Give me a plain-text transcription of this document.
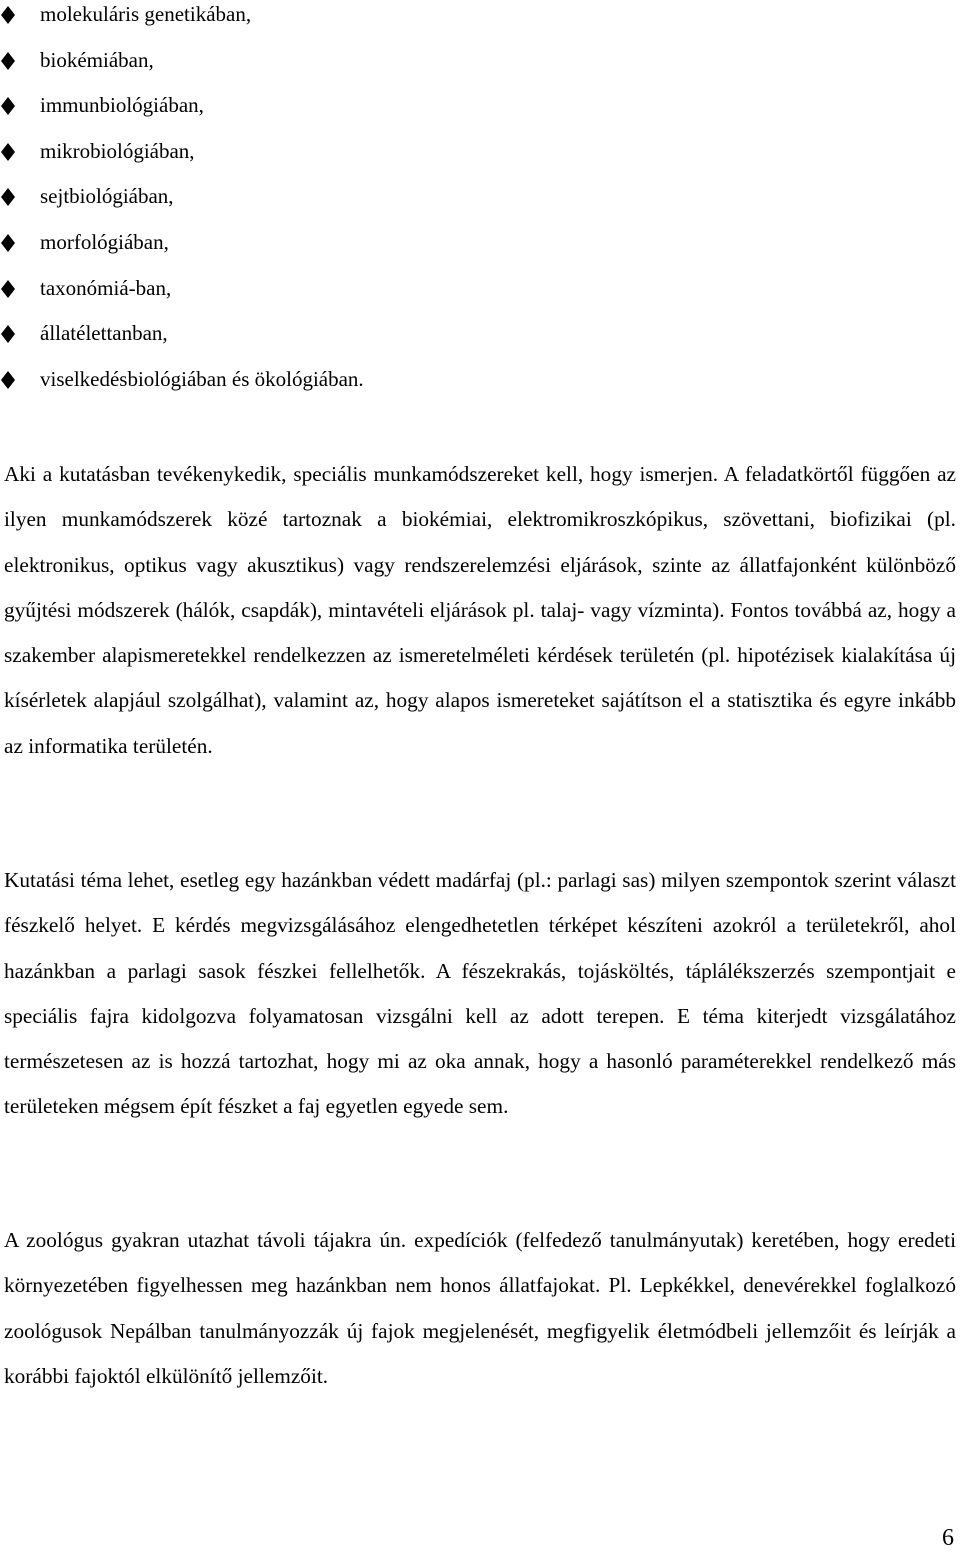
molekuláris genetikában,
biokémiában,
immunbiológiában,
mikrobiológiában,
sejtbiológiában,
morfológiában,
taxonómiá-ban,
állatélettanban,
viselkedésbiológiában és ökológiában.

Aki a kutatásban tevékenykedik, speciális munkamódszereket kell, hogy ismerjen. A feladatkörtől függően az ilyen munkamódszerek közé tartoznak a biokémiai, elektromikroszkópikus, szövettani, biofizikai (pl. elektronikus, optikus vagy akusztikus) vagy rendszerelemzési eljárások, szinte az állatfajonként különböző gyűjtési módszerek (hálók, csapdák), mintavételi eljárások pl. talaj- vagy vízminta). Fontos továbbá az, hogy a szakember alapismeretekkel rendelkezzen az ismeretelméleti kérdések területén (pl. hipotézisek kialakítása új kísérletek alapjául szolgálhat), valamint az, hogy alapos ismereteket sajátítson el a statisztika és egyre inkább az informatika területén.

Kutatási téma lehet, esetleg egy hazánkban védett madárfaj (pl.: parlagi sas) milyen szempontok szerint választ fészkelő helyet. E kérdés megvizsgálásához elengedhetetlen térképet készíteni azokról a területekről, ahol hazánkban a parlagi sasok fészkei fellelhetők. A fészekrakás, tojásköltés, táplálékszerzés szempontjait e speciális fajra kidolgozva folyamatosan vizsgálni kell az adott terepen. E téma kiterjedt vizsgálatához természetesen az is hozzá tartozhat, hogy mi az oka annak, hogy a hasonló paraméterekkel rendelkező más területeken mégsem épít fészket a faj egyetlen egyede sem.

A zoológus gyakran utazhat távoli tájakra ún. expedíciók (felfedező tanulmányutak) keretében, hogy eredeti környezetében figyelhessen meg hazánkban nem honos állatfajokat. Pl. Lepkékkel, denevérekkel foglalkozó zoológusok Nepálban tanulmányozzák új fajok megjelenését, megfigyelik életmódbeli jellemzőit és leírják a korábbi fajoktól elkülönítő jellemzőit.

6
